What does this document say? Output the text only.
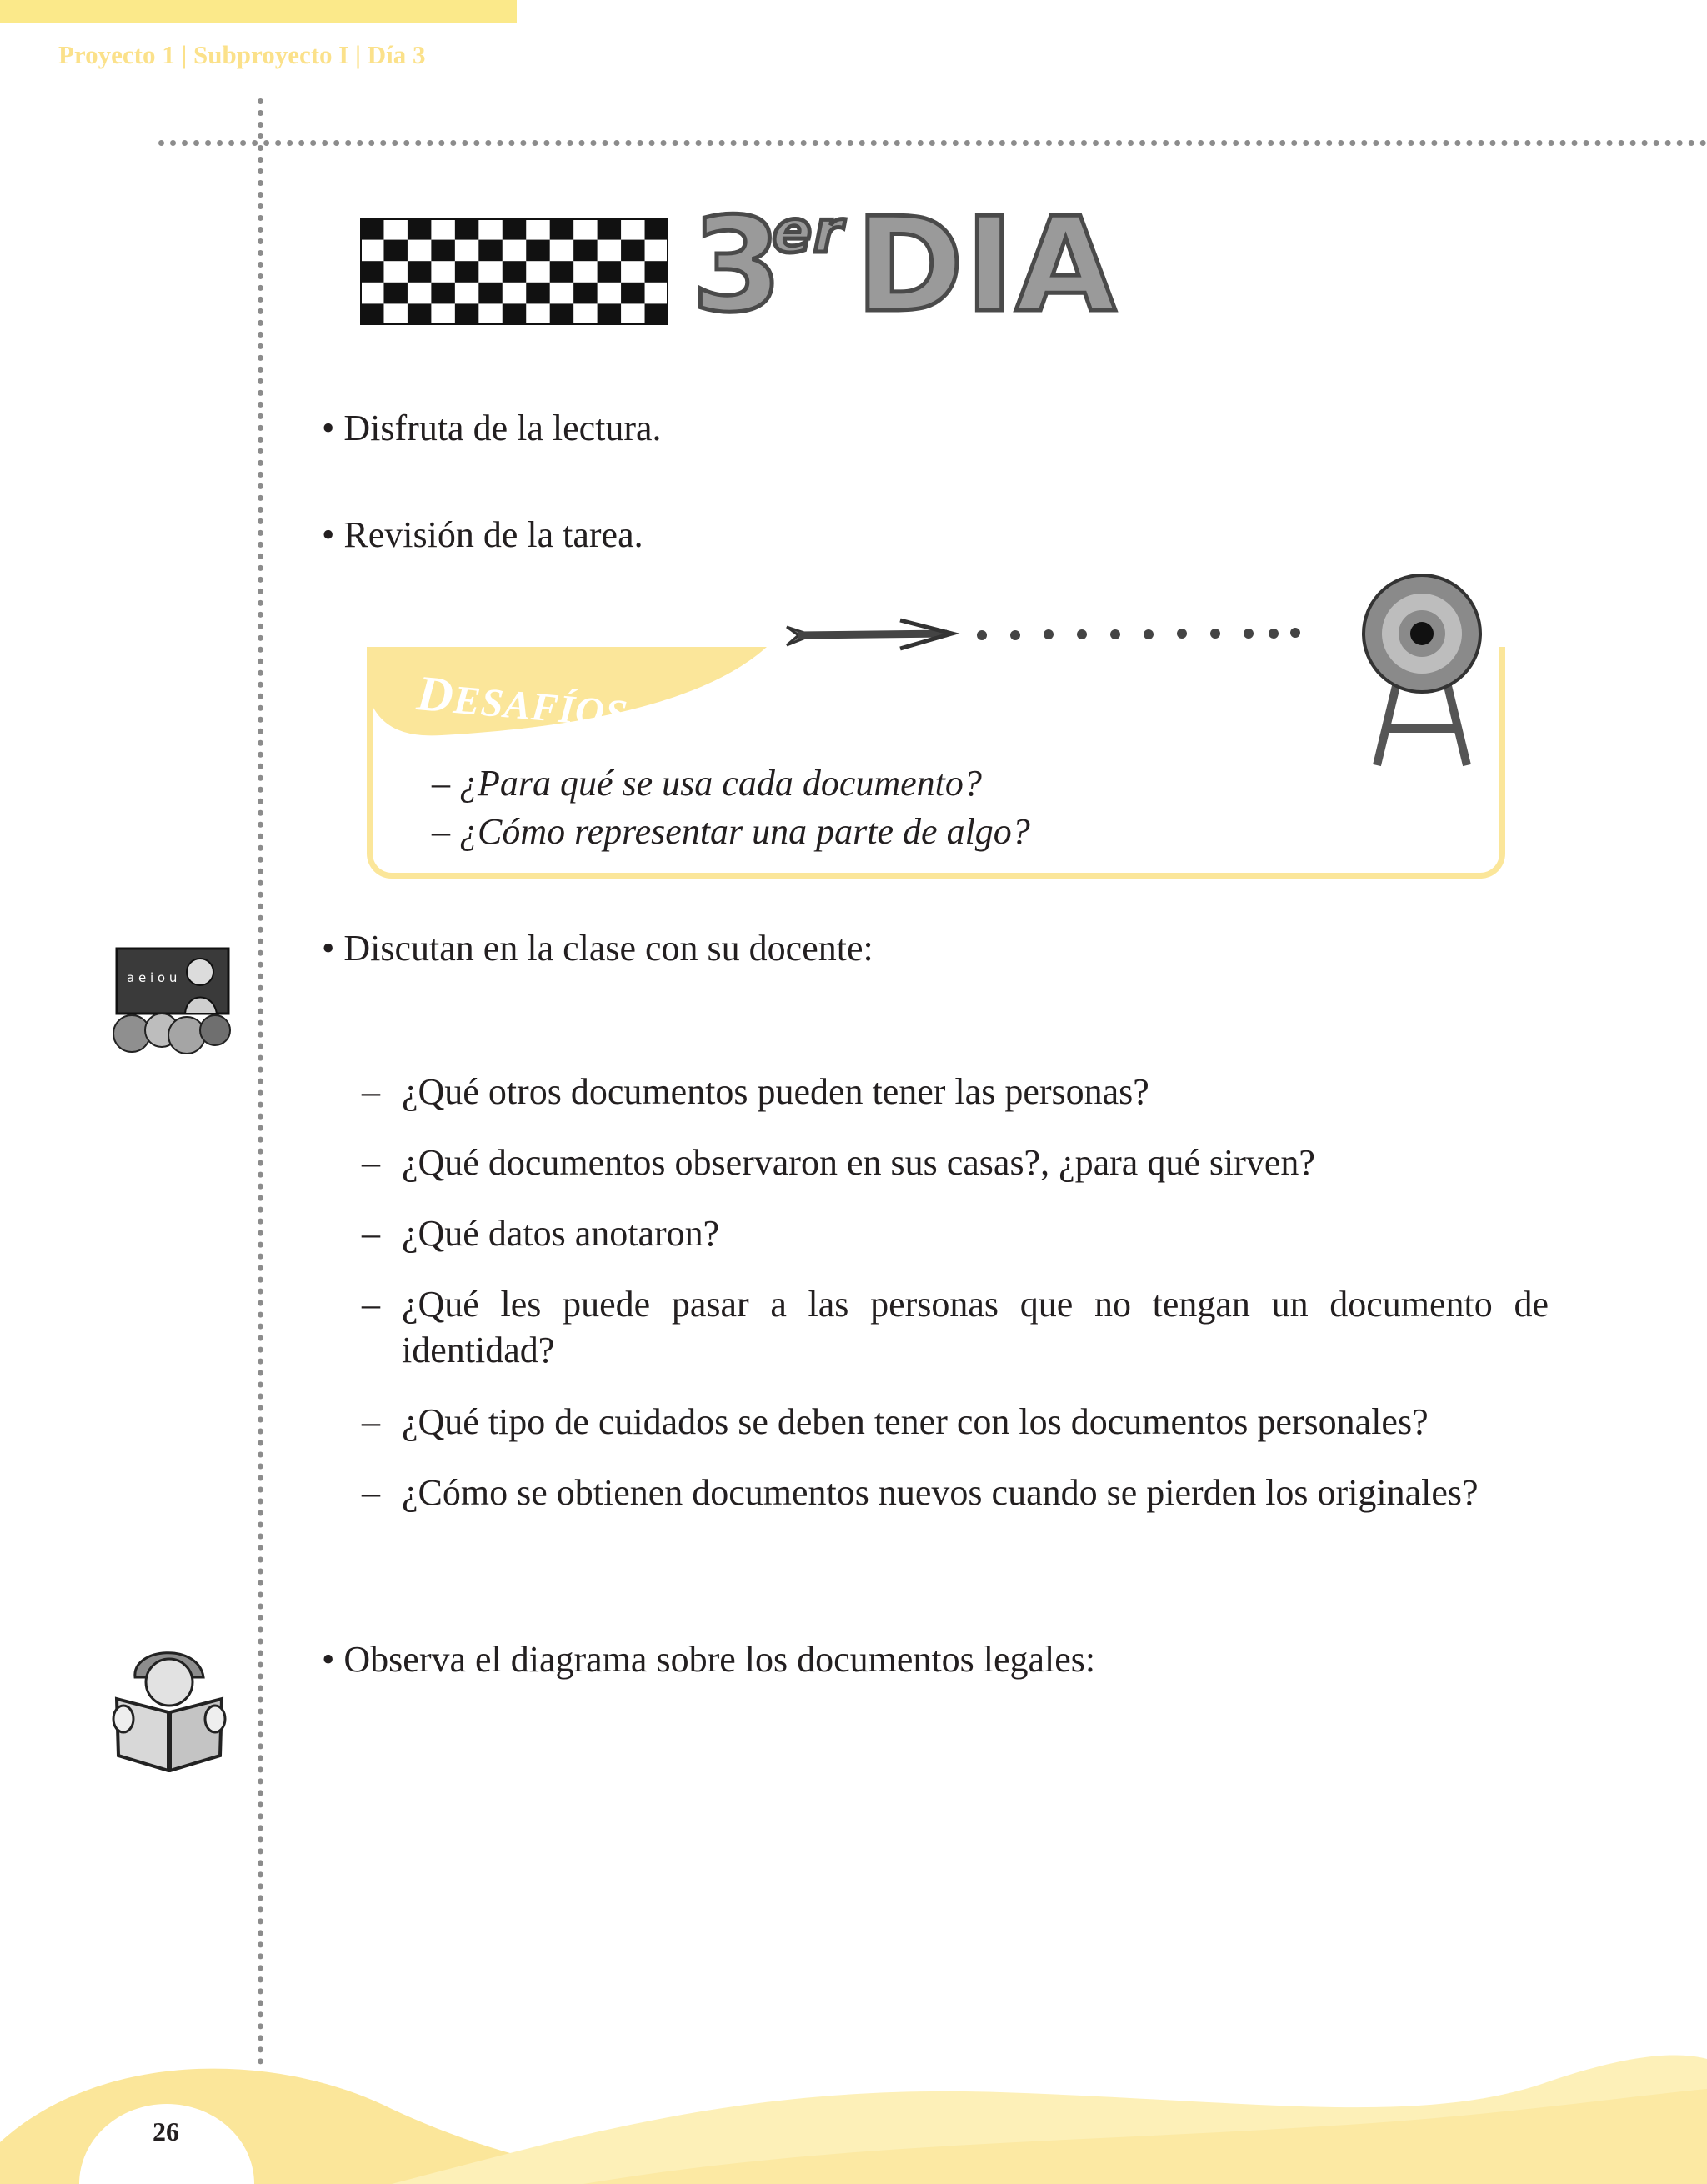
Proyecto 1 | Subproyecto I | Día 3
3erDIA
• Disfruta de la lectura.
• Revisión de la tarea.
DESAFÍOS
– ¿Para qué se usa cada documento?
– ¿Cómo representar una parte de algo?
• Discutan en la clase con su docente:
a e i o u
– ¿Qué otros documentos pueden tener las personas?
– ¿Qué documentos observaron en sus casas?, ¿para qué sirven?
– ¿Qué datos anotaron?
– ¿Qué les puede pasar a las personas que no tengan un documento de identidad?
– ¿Qué tipo de cuidados se deben tener con los documentos personales?
– ¿Cómo se obtienen documentos nuevos cuando se pierden los originales?
• Observa el diagrama sobre los documentos legales:
26
